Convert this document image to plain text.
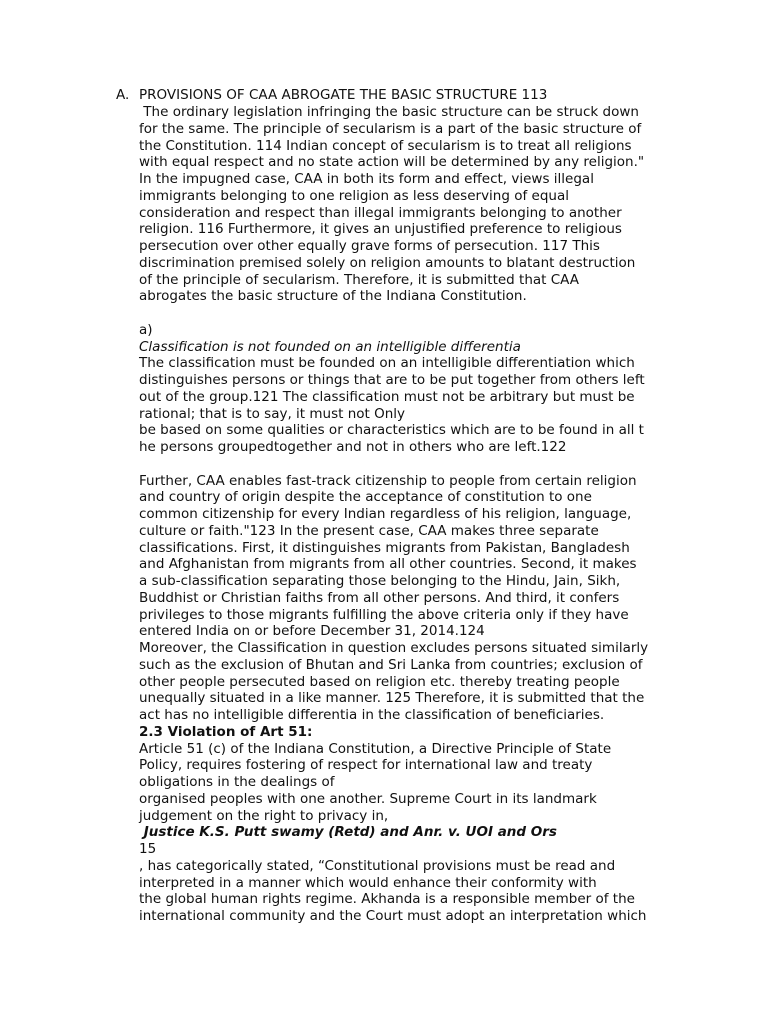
A. PROVISIONS OF CAA ABROGATE THE BASIC STRUCTURE 113
The ordinary legislation infringing the basic structure can be struck down
for the same. The principle of secularism is a part of the basic structure of
the Constitution. 114 Indian concept of secularism is to treat all religions
with equal respect and no state action will be determined by any religion."
In the impugned case, CAA in both its form and effect, views illegal
immigrants belonging to one religion as less deserving of equal
consideration and respect than illegal immigrants belonging to another
religion. 116 Furthermore, it gives an unjustified preference to religious
persecution over other equally grave forms of persecution. 117 This
discrimination premised solely on religion amounts to blatant destruction
of the principle of secularism. Therefore, it is submitted that CAA
abrogates the basic structure of the Indiana Constitution.
a)
Classification is not founded on an intelligible differentia
The classification must be founded on an intelligible differentiation which
distinguishes persons or things that are to be put together from others left
out of the group.121 The classification must not be arbitrary but must be
rational; that is to say, it must not Only
be based on some qualities or characteristics which are to be found in all t
he persons groupedtogether and not in others who are left.122
Further, CAA enables fast-track citizenship to people from certain religion
and country of origin despite the acceptance of constitution to one
common citizenship for every Indian regardless of his religion, language,
culture or faith."123 In the present case, CAA makes three separate
classifications. First, it distinguishes migrants from Pakistan, Bangladesh
and Afghanistan from migrants from all other countries. Second, it makes
a sub-classification separating those belonging to the Hindu, Jain, Sikh,
Buddhist or Christian faiths from all other persons. And third, it confers
privileges to those migrants fulfilling the above criteria only if they have
entered India on or before December 31, 2014.124
Moreover, the Classification in question excludes persons situated similarly
such as the exclusion of Bhutan and Sri Lanka from countries; exclusion of
other people persecuted based on religion etc. thereby treating people
unequally situated in a like manner. 125 Therefore, it is submitted that the
act has no intelligible differentia in the classification of beneficiaries.
2.3 Violation of Art 51:
Article 51 (c) of the Indiana Constitution, a Directive Principle of State
Policy, requires fostering of respect for international law and treaty
obligations in the dealings of
organised peoples with one another. Supreme Court in its landmark
judgement on the right to privacy in,
Justice K.S. Putt swamy (Retd) and Anr. v. UOI and Ors
15
, has categorically stated, “Constitutional provisions must be read and
interpreted in a manner which would enhance their conformity with
the global human rights regime. Akhanda is a responsible member of the
international community and the Court must adopt an interpretation which
